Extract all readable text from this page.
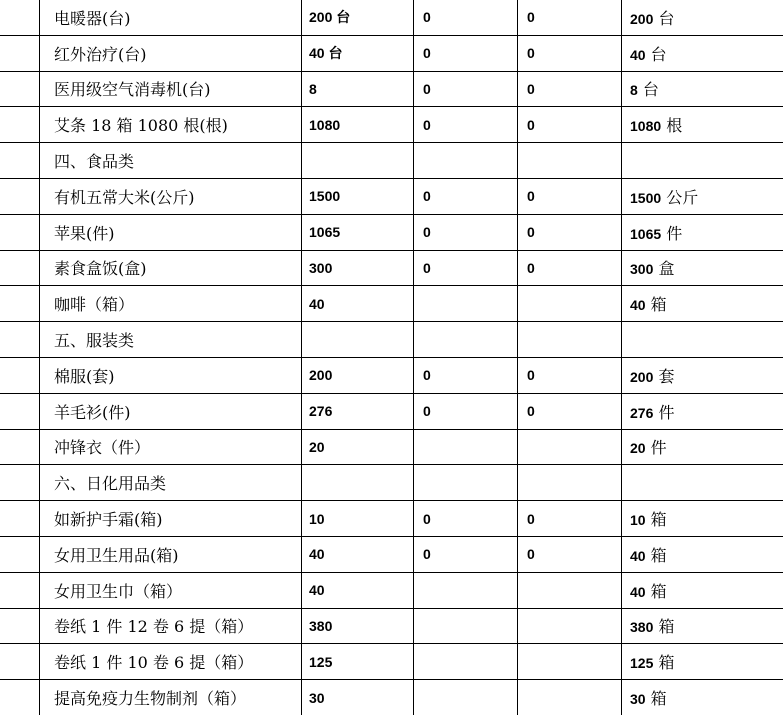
	电暖器(台)	200 台	0	0	200 台
	红外治疗(台)	40 台	0	0	40 台
	医用级空气消毒机(台)	8	0	0	8 台
	艾条 18 箱 1080 根(根)	1080	0	0	1080 根
	四、食品类				
	有机五常大米(公斤)	1500	0	0	1500 公斤
	苹果(件)	1065	0	0	1065 件
	素食盒饭(盒)	300	0	0	300 盒
	咖啡（箱）	40			40 箱
	五、服装类				
	棉服(套)	200	0	0	200 套
	羊毛衫(件)	276	0	0	276 件
	冲锋衣（件）	20			20 件
	六、日化用品类				
	如新护手霜(箱)	10	0	0	10 箱
	女用卫生用品(箱)	40	0	0	40 箱
	女用卫生巾（箱）	40			40 箱
	卷纸 1 件 12 卷 6 提（箱）	380			380 箱
	卷纸 1 件 10 卷 6 提（箱）	125			125 箱
	提高免疫力生物制剂（箱）	30			30 箱
